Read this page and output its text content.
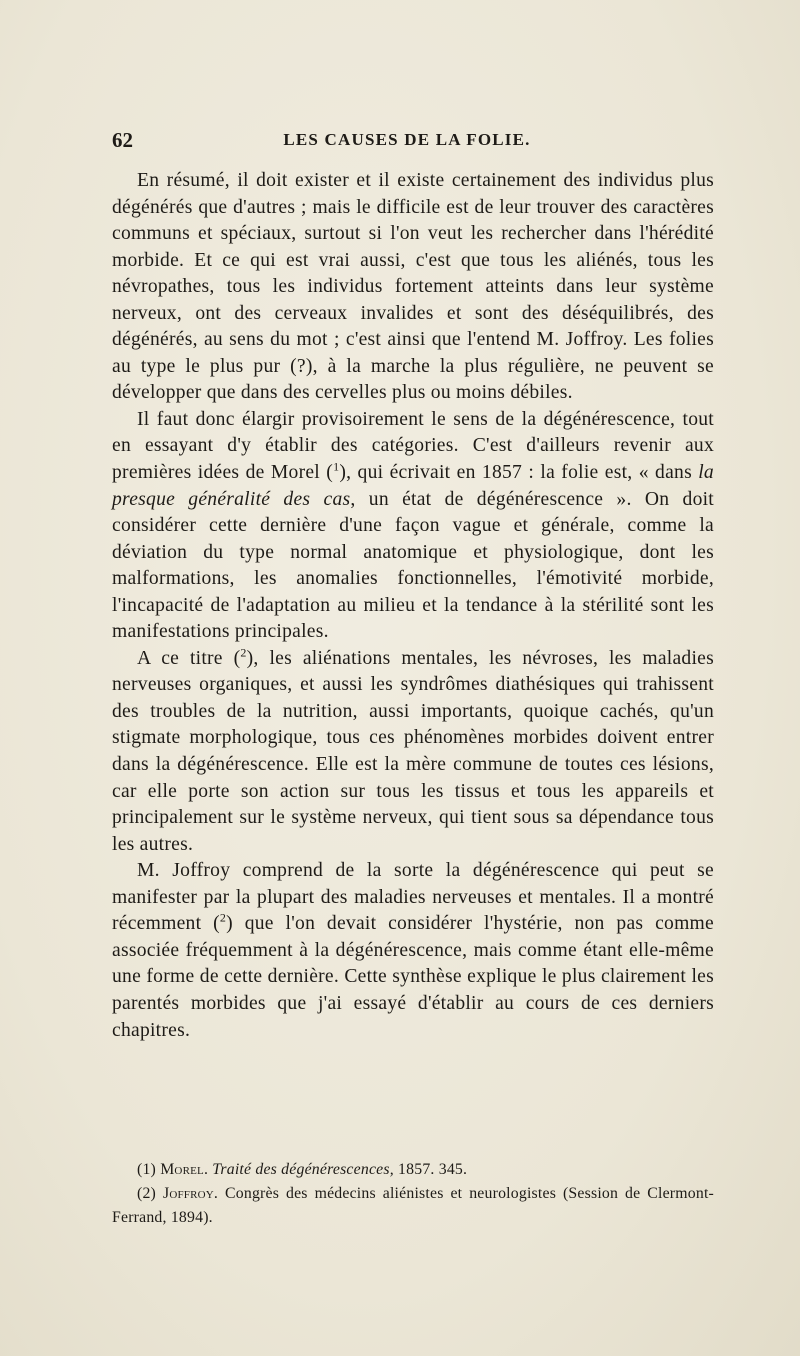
62	LES CAUSES DE LA FOLIE.

En résumé, il doit exister et il existe certainement des individus plus dégénérés que d'autres ; mais le difficile est de leur trouver des caractères communs et spéciaux, surtout si l'on veut les rechercher dans l'hérédité morbide. Et ce qui est vrai aussi, c'est que tous les aliénés, tous les névropathes, tous les individus fortement atteints dans leur système nerveux, ont des cerveaux invalides et sont des déséquilibrés, des dégénérés, au sens du mot ; c'est ainsi que l'entend M. Joffroy. Les folies au type le plus pur (?), à la marche la plus régulière, ne peuvent se développer que dans des cervelles plus ou moins débiles.

Il faut donc élargir provisoirement le sens de la dégénérescence, tout en essayant d'y établir des catégories. C'est d'ailleurs revenir aux premières idées de Morel ($^1$), qui écrivait en 1857 : la folie est, « dans la presque généralité des cas, un état de dégénérescence ». On doit considérer cette dernière d'une façon vague et générale, comme la déviation du type normal anatomique et physiologique, dont les malformations, les anomalies fonctionnelles, l'émotivité morbide, l'incapacité de l'adaptation au milieu et la tendance à la stérilité sont les manifestations principales.

A ce titre ($^2$), les aliénations mentales, les névroses, les maladies nerveuses organiques, et aussi les syndrômes diathésiques qui trahissent des troubles de la nutrition, aussi importants, quoique cachés, qu'un stigmate morphologique, tous ces phénomènes morbides doivent entrer dans la dégénérescence. Elle est la mère commune de toutes ces lésions, car elle porte son action sur tous les tissus et tous les appareils et principalement sur le système nerveux, qui tient sous sa dépendance tous les autres.

M. Joffroy comprend de la sorte la dégénérescence qui peut se manifester par la plupart des maladies nerveuses et mentales. Il a montré récemment ($^2$) que l'on devait considérer l'hystérie, non pas comme associée fréquemment à la dégénérescence, mais comme étant elle-même une forme de cette dernière. Cette synthèse explique le plus clairement les parentés morbides que j'ai essayé d'établir au cours de ces derniers chapitres.

(1) Morel. Traité des dégénérescences, 1857. 345.

(2) Joffroy. Congrès des médecins aliénistes et neurologistes (Session de Clermont-Ferrand, 1894).
